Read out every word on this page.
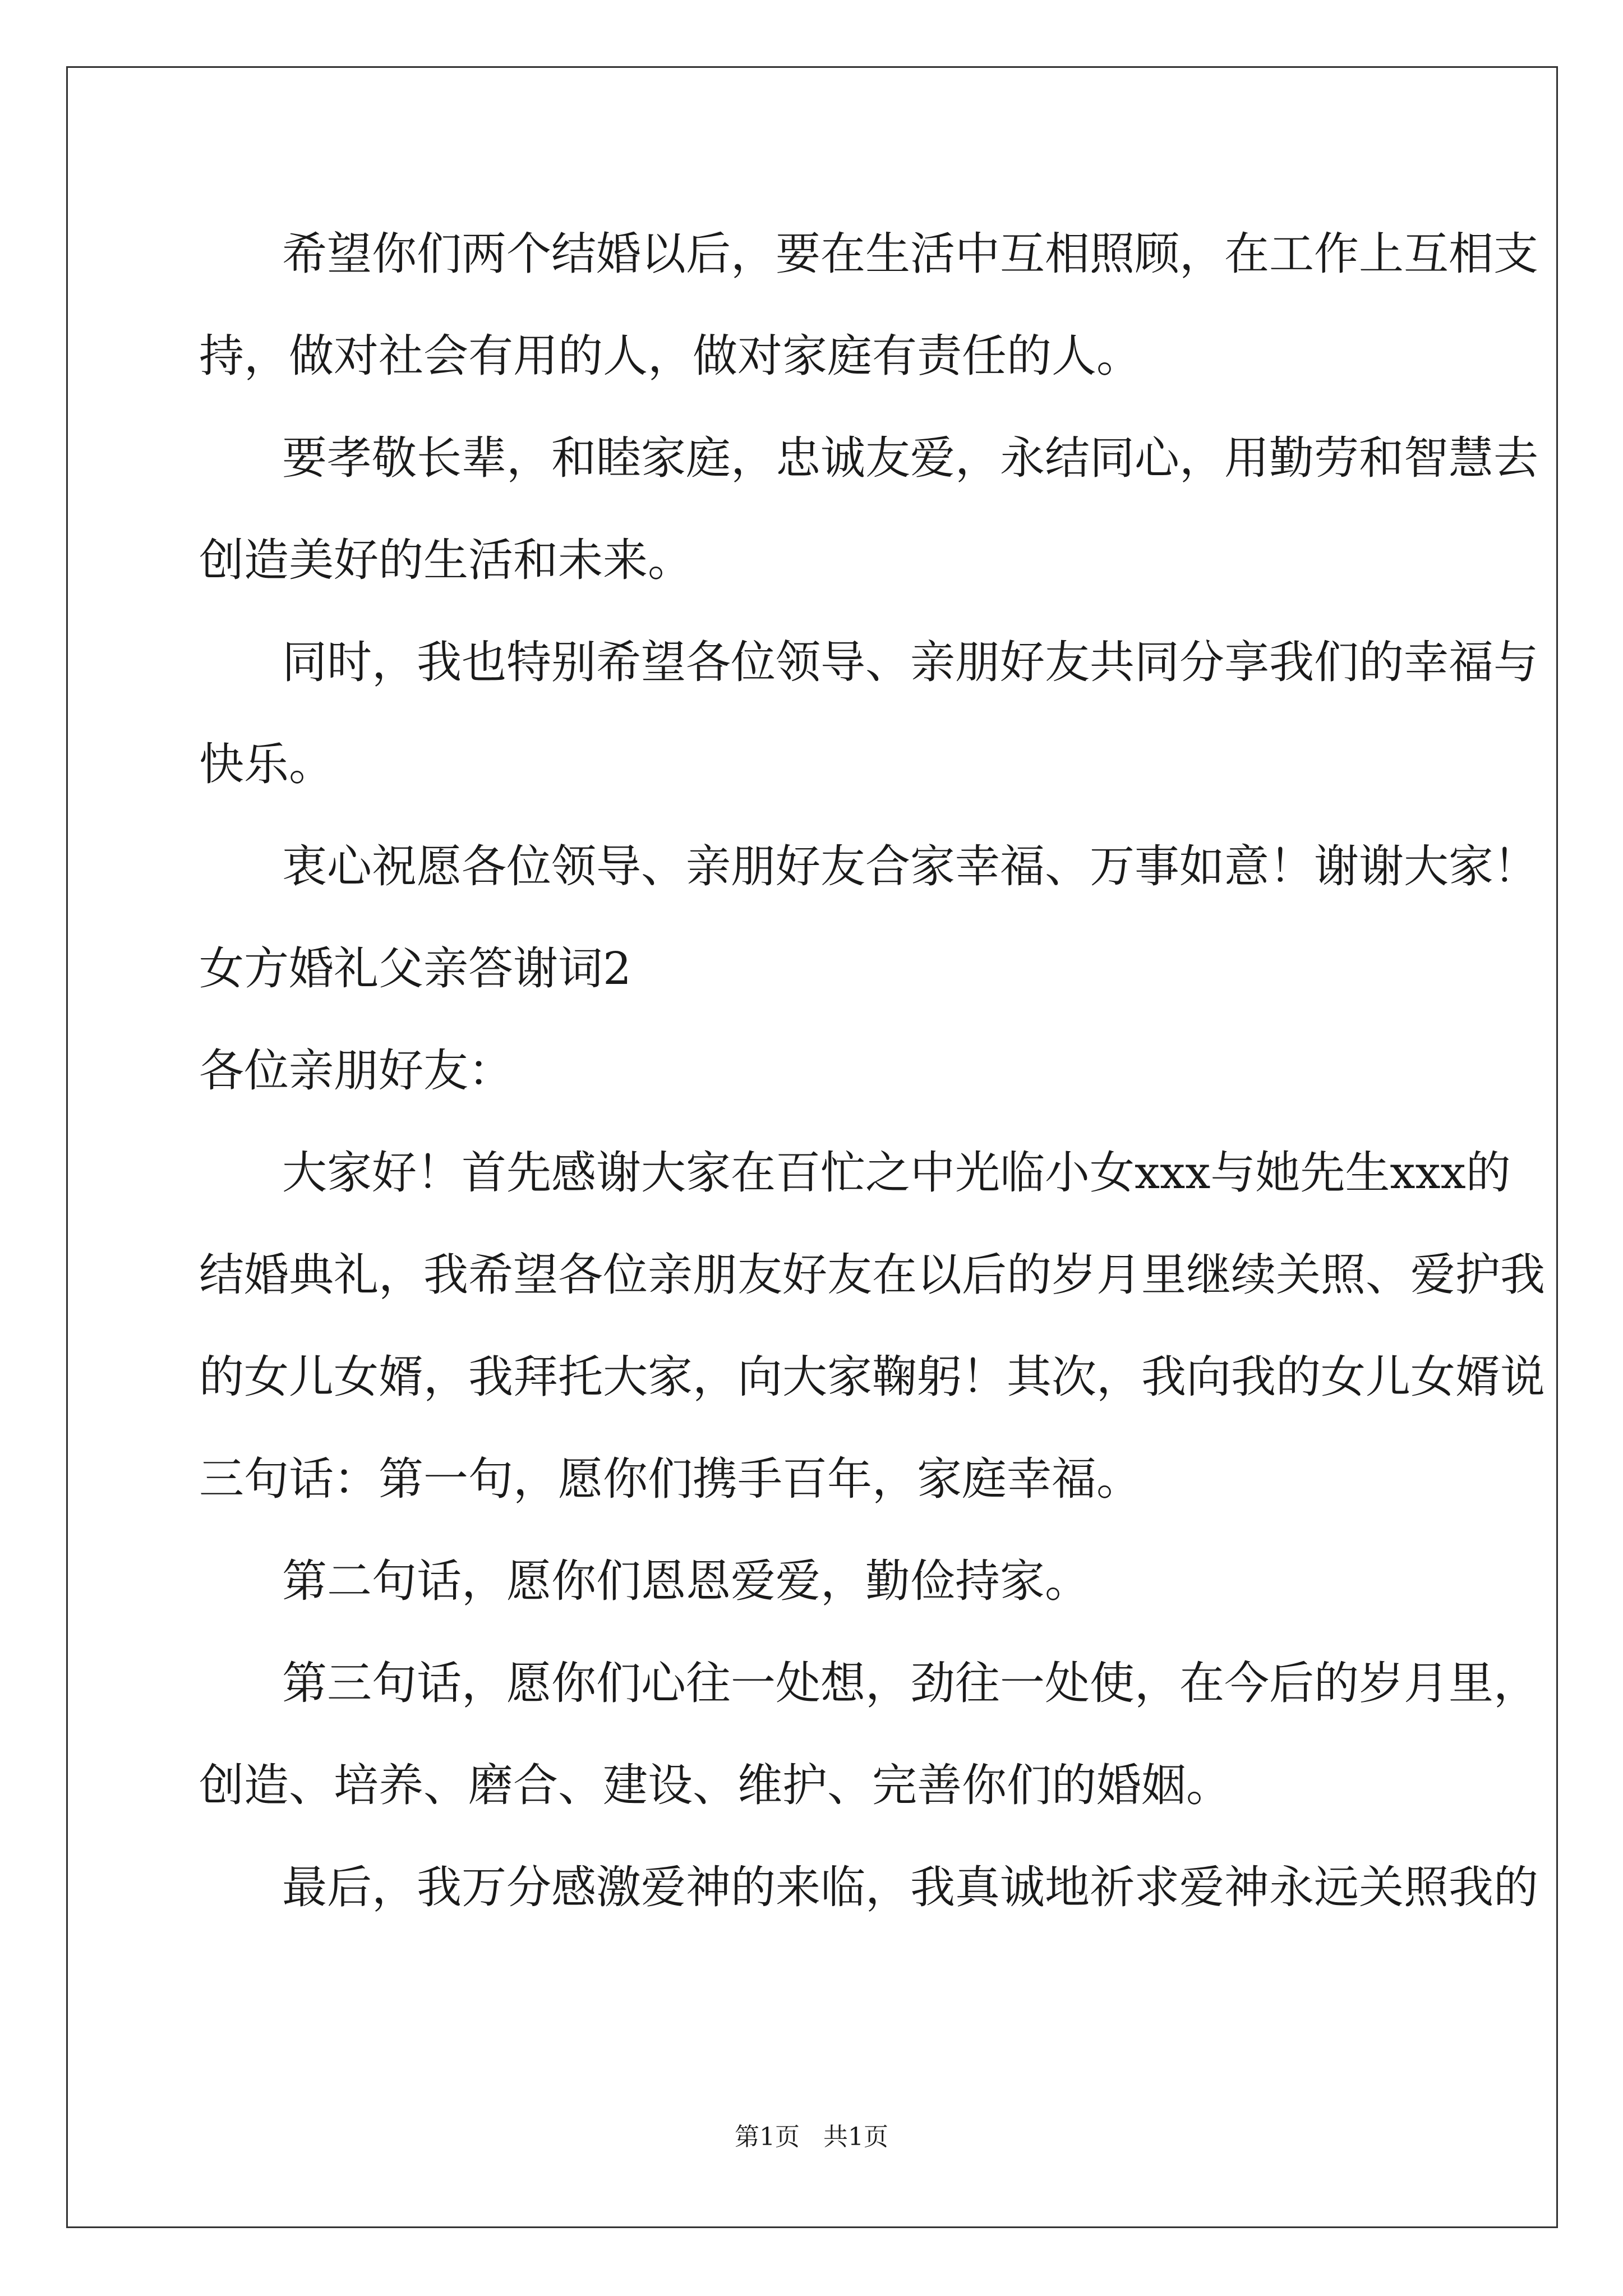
希望你们两个结婚以后，要在生活中互相照顾，在工作上互相支
持，做对社会有用的人，做对家庭有责任的人。
要孝敬长辈，和睦家庭，忠诚友爱，永结同心，用勤劳和智慧去
创造美好的生活和未来。
同时，我也特别希望各位领导、亲朋好友共同分享我们的幸福与
快乐。
衷心祝愿各位领导、亲朋好友合家幸福、万事如意！谢谢大家！
女方婚礼父亲答谢词2
各位亲朋好友：
大家好！首先感谢大家在百忙之中光临小女xxx与她先生xxx的
结婚典礼，我希望各位亲朋友好友在以后的岁月里继续关照、爱护我
的女儿女婿，我拜托大家，向大家鞠躬！其次，我向我的女儿女婿说
三句话：第一句，愿你们携手百年，家庭幸福。
第二句话，愿你们恩恩爱爱，勤俭持家。
第三句话，愿你们心往一处想，劲往一处使，在今后的岁月里，
创造、培养、磨合、建设、维护、完善你们的婚姻。
最后，我万分感激爱神的来临，我真诚地祈求爱神永远关照我的
第1页 共1页
